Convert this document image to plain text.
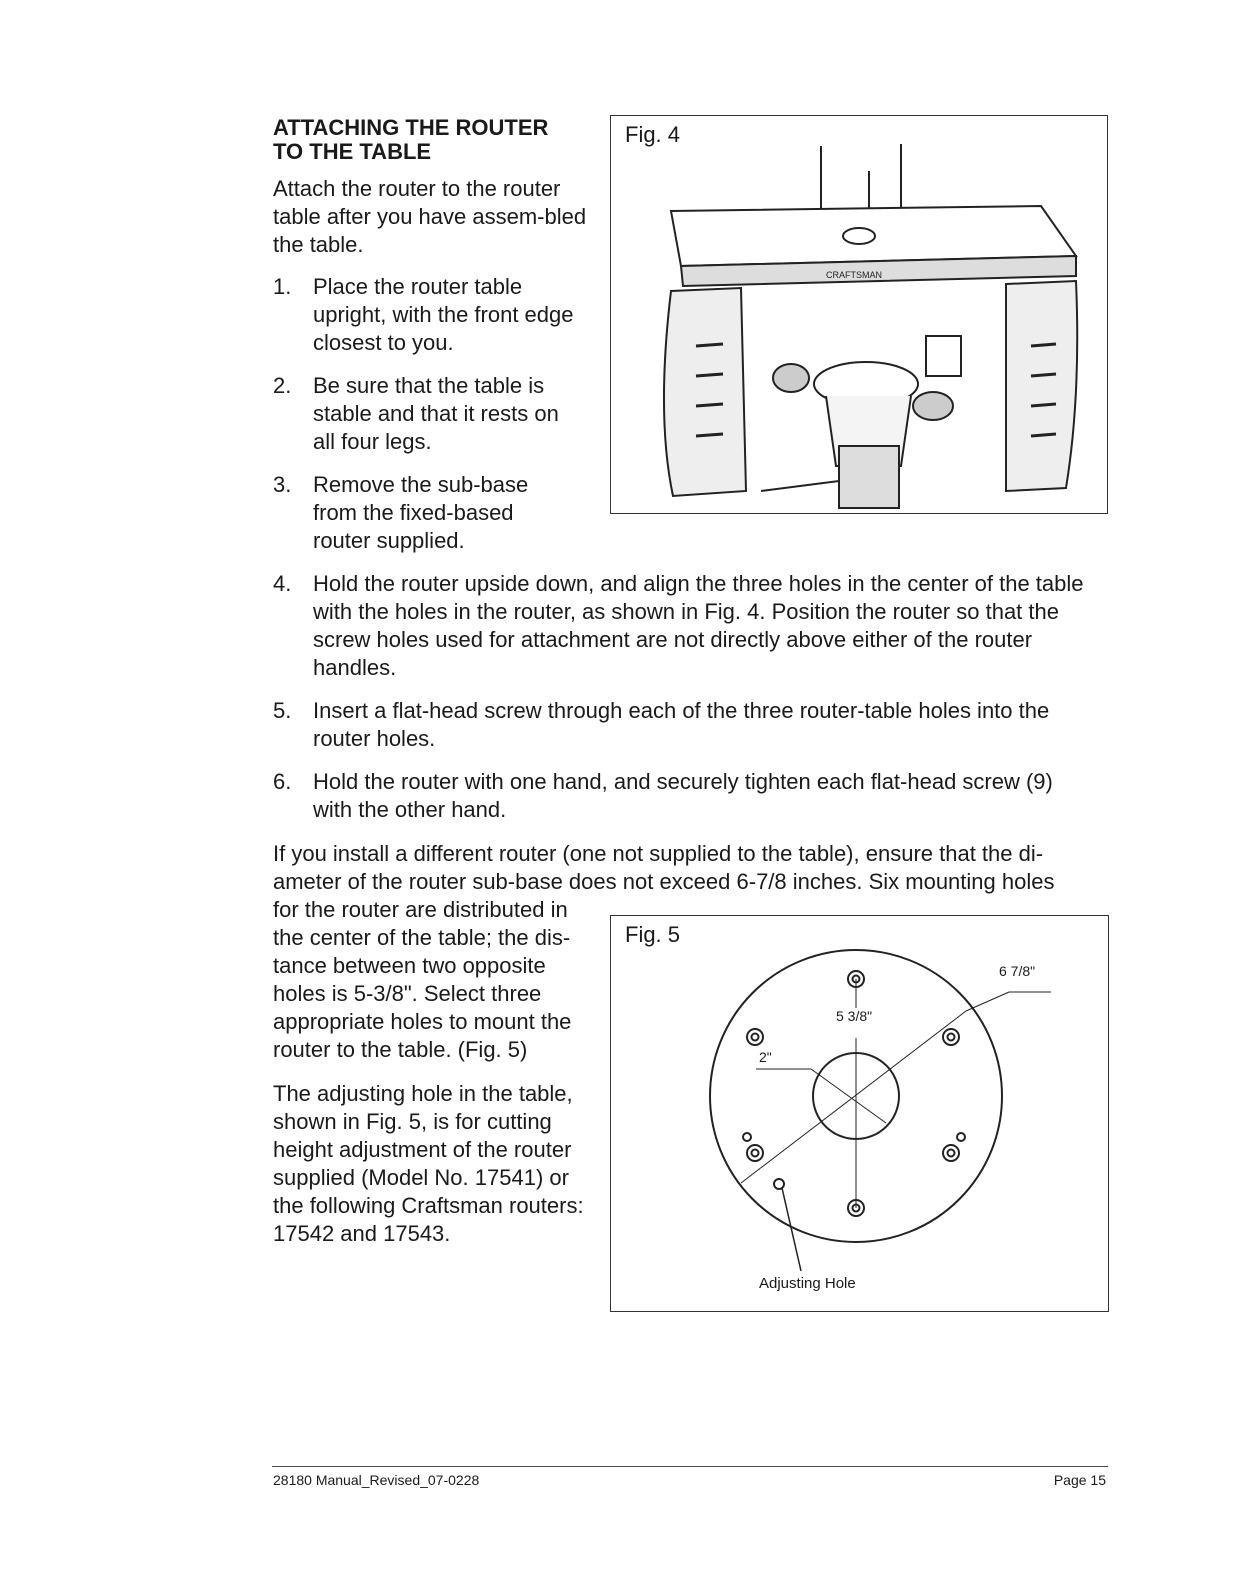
ATTACHING THE ROUTER
TO THE TABLE
Attach the router to the router table after you have assem-bled the table.
1. Place the router table upright, with the front edge closest to you.
2. Be sure that the table is stable and that it rests on all four legs.
3. Remove the sub-base from the fixed-based router supplied.
4. Hold the router upside down, and align the three holes in the center of the table with the holes in the router, as shown in Fig. 4. Position the router so that the screw holes used for attachment are not directly above either of the router handles.
5. Insert a flat-head screw through each of the three router-table holes into the router holes.
6. Hold the router with one hand, and securely tighten each flat-head screw (9) with the other hand.
If you install a different router (one not supplied to the table), ensure that the di-ameter of the router sub-base does not exceed 6-7/8 inches. Six mounting holes
for the router are distributed in the center of the table; the dis-tance between two opposite holes is 5-3/8". Select three appropriate holes to mount the router to the table. (Fig. 5)
The adjusting hole in the table, shown in Fig. 5, is for cutting height adjustment of the router supplied (Model No. 17541) or the following Craftsman routers: 17542 and 17543.
Fig. 4
CRAFTSMAN
Fig. 5
6 7/8"
5 3/8"
2"
Adjusting Hole
28180 Manual_Revised_07-0228	Page 15
